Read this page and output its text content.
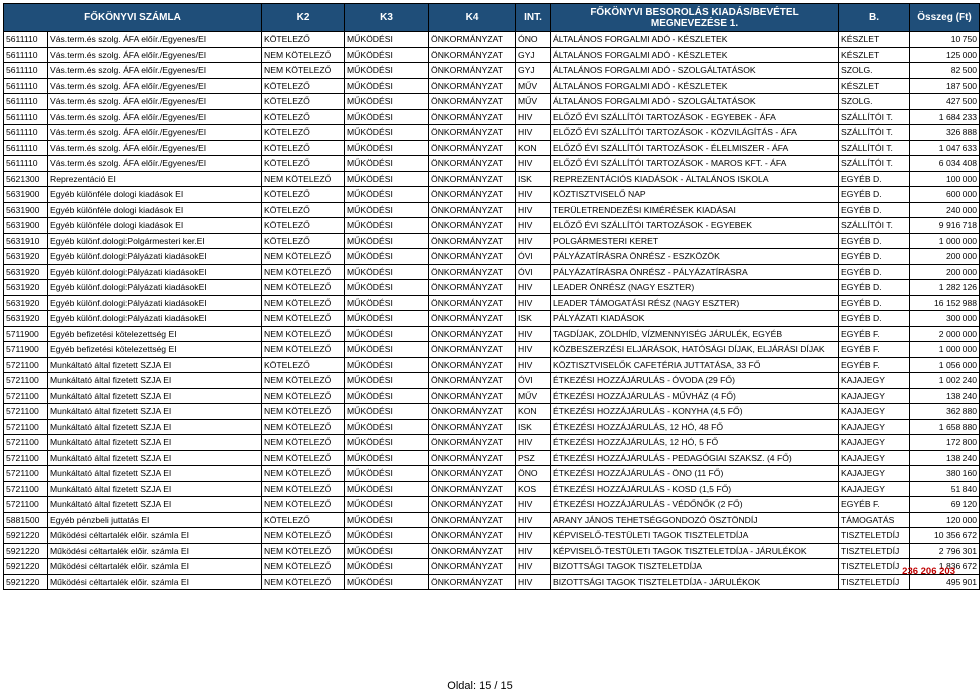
FŐKÖNYVI SZÁMLA		K2	K3	K4	INT.	FŐKÖNYVI BESOROLÁS KIADÁS/BEVÉTEL MEGNEVEZÉSE 1.	B.	Összeg (Ft)
5611110	Vás.term.és szolg. ÁFA előír./Egyenes/EI	KÖTELEZŐ	MŰKÖDÉSI	ÖNKORMÁNYZAT	ÓNO	ÁLTALÁNOS FORGALMI ADÓ - KÉSZLETEK	KÉSZLET	10 750
5611110	Vás.term.és szolg. ÁFA előír./Egyenes/EI	NEM KÖTELEZŐ	MŰKÖDÉSI	ÖNKORMÁNYZAT	GYJ	ÁLTALÁNOS FORGALMI ADÓ - KÉSZLETEK	KÉSZLET	125 000
5611110	Vás.term.és szolg. ÁFA előír./Egyenes/EI	NEM KÖTELEZŐ	MŰKÖDÉSI	ÖNKORMÁNYZAT	GYJ	ÁLTALÁNOS FORGALMI ADÓ - SZOLGÁLTATÁSOK	SZOLG.	82 500
5611110	Vás.term.és szolg. ÁFA előír./Egyenes/EI	KÖTELEZŐ	MŰKÖDÉSI	ÖNKORMÁNYZAT	MŰV	ÁLTALÁNOS FORGALMI ADÓ - KÉSZLETEK	KÉSZLET	187 500
5611110	Vás.term.és szolg. ÁFA előír./Egyenes/EI	KÖTELEZŐ	MŰKÖDÉSI	ÖNKORMÁNYZAT	MŰV	ÁLTALÁNOS FORGALMI ADÓ - SZOLGÁLTATÁSOK	SZOLG.	427 500
5611110	Vás.term.és szolg. ÁFA előír./Egyenes/EI	KÖTELEZŐ	MŰKÖDÉSI	ÖNKORMÁNYZAT	HIV	ELŐZŐ ÉVI SZÁLLÍTÓI TARTOZÁSOK - EGYEBEK - ÁFA	SZÁLLÍTÓI T.	1 684 233
5611110	Vás.term.és szolg. ÁFA előír./Egyenes/EI	KÖTELEZŐ	MŰKÖDÉSI	ÖNKORMÁNYZAT	HIV	ELŐZŐ ÉVI SZÁLLÍTÓI TARTOZÁSOK - KÖZVILÁGÍTÁS - ÁFA	SZÁLLÍTÓI T.	326 888
5611110	Vás.term.és szolg. ÁFA előír./Egyenes/EI	KÖTELEZŐ	MŰKÖDÉSI	ÖNKORMÁNYZAT	KON	ELŐZŐ ÉVI SZÁLLÍTÓI TARTOZÁSOK - ÉLELMISZER - ÁFA	SZÁLLÍTÓI T.	1 047 633
5611110	Vás.term.és szolg. ÁFA előír./Egyenes/EI	KÖTELEZŐ	MŰKÖDÉSI	ÖNKORMÁNYZAT	HIV	ELŐZŐ ÉVI SZÁLLÍTÓI TARTOZÁSOK - MAROS KFT. - ÁFA	SZÁLLÍTÓI T.	6 034 408
5621300	Reprezentáció EI	NEM KÖTELEZŐ	MŰKÖDÉSI	ÖNKORMÁNYZAT	ISK	REPREZENTÁCIÓS KIADÁSOK - ÁLTALÁNOS ISKOLA	EGYÉB D.	100 000
5631900	Egyéb különféle dologi kiadások EI	KÖTELEZŐ	MŰKÖDÉSI	ÖNKORMÁNYZAT	HIV	KÖZTISZTVISELŐ NAP	EGYÉB D.	600 000
5631900	Egyéb különféle dologi kiadások EI	KÖTELEZŐ	MŰKÖDÉSI	ÖNKORMÁNYZAT	HIV	TERÜLETRENDEZÉSI KIMÉRÉSEK KIADÁSAI	EGYÉB D.	240 000
5631900	Egyéb különféle dologi kiadások EI	KÖTELEZŐ	MŰKÖDÉSI	ÖNKORMÁNYZAT	HIV	ELŐZŐ ÉVI SZÁLLÍTÓI TARTOZÁSOK - EGYEBEK	SZÁLLÍTÓI T.	9 916 718
5631910	Egyéb különf.dologi:Polgármesteri ker.EI	KÖTELEZŐ	MŰKÖDÉSI	ÖNKORMÁNYZAT	HIV	POLGÁRMESTERI KERET	EGYÉB D.	1 000 000
5631920	Egyéb különf.dologi:Pályázati kiadásokEI	NEM KÖTELEZŐ	MŰKÖDÉSI	ÖNKORMÁNYZAT	ÓVI	PÁLYÁZATÍRÁSRA ÖNRÉSZ - ESZKÖZÖK	EGYÉB D.	200 000
5631920	Egyéb különf.dologi:Pályázati kiadásokEI	NEM KÖTELEZŐ	MŰKÖDÉSI	ÖNKORMÁNYZAT	ÓVI	PÁLYÁZATÍRÁSRA ÖNRÉSZ - PÁLYÁZATÍRÁSRA	EGYÉB D.	200 000
5631920	Egyéb különf.dologi:Pályázati kiadásokEI	NEM KÖTELEZŐ	MŰKÖDÉSI	ÖNKORMÁNYZAT	HIV	LEADER ÖNRÉSZ (NAGY ESZTER)	EGYÉB D.	1 282 126
5631920	Egyéb különf.dologi:Pályázati kiadásokEI	NEM KÖTELEZŐ	MŰKÖDÉSI	ÖNKORMÁNYZAT	HIV	LEADER TÁMOGATÁSI RÉSZ (NAGY ESZTER)	EGYÉB D.	16 152 988
5631920	Egyéb különf.dologi:Pályázati kiadásokEI	NEM KÖTELEZŐ	MŰKÖDÉSI	ÖNKORMÁNYZAT	ISK	PÁLYÁZATI KIADÁSOK	EGYÉB D.	300 000
5711900	Egyéb befizetési kötelezettség EI	NEM KÖTELEZŐ	MŰKÖDÉSI	ÖNKORMÁNYZAT	HIV	TAGDÍJAK, ZÖLDHÍD, VÍZMENNYISÉG JÁRULÉK, EGYÉB	EGYÉB F.	2 000 000
5711900	Egyéb befizetési kötelezettség EI	NEM KÖTELEZŐ	MŰKÖDÉSI	ÖNKORMÁNYZAT	HIV	KÖZBESZERZÉSI ELJÁRÁSOK, HATÓSÁGI DÍJAK, ELJÁRÁSI DÍJAK	EGYÉB F.	1 000 000
5721100	Munkáltató által fizetett SZJA EI	KÖTELEZŐ	MŰKÖDÉSI	ÖNKORMÁNYZAT	HIV	KÖZTISZTVISELŐK CAFETÉRIA JUTTATÁSA, 33 FŐ	EGYÉB F.	1 056 000
5721100	Munkáltató által fizetett SZJA EI	NEM KÖTELEZŐ	MŰKÖDÉSI	ÖNKORMÁNYZAT	ÓVI	ÉTKEZÉSI HOZZÁJÁRULÁS - ÓVODA (29 FŐ)	KAJAJEGY	1 002 240
5721100	Munkáltató által fizetett SZJA EI	NEM KÖTELEZŐ	MŰKÖDÉSI	ÖNKORMÁNYZAT	MŰV	ÉTKEZÉSI HOZZÁJÁRULÁS - MŰVHÁZ (4 FŐ)	KAJAJEGY	138 240
5721100	Munkáltató által fizetett SZJA EI	NEM KÖTELEZŐ	MŰKÖDÉSI	ÖNKORMÁNYZAT	KON	ÉTKEZÉSI HOZZÁJÁRULÁS - KONYHA (4,5 FŐ)	KAJAJEGY	362 880
5721100	Munkáltató által fizetett SZJA EI	NEM KÖTELEZŐ	MŰKÖDÉSI	ÖNKORMÁNYZAT	ISK	ÉTKEZÉSI HOZZÁJÁRULÁS, 12 HÓ, 48 FŐ	KAJAJEGY	1 658 880
5721100	Munkáltató által fizetett SZJA EI	NEM KÖTELEZŐ	MŰKÖDÉSI	ÖNKORMÁNYZAT	HIV	ÉTKEZÉSI HOZZÁJÁRULÁS, 12 HÓ, 5 FŐ	KAJAJEGY	172 800
5721100	Munkáltató által fizetett SZJA EI	NEM KÖTELEZŐ	MŰKÖDÉSI	ÖNKORMÁNYZAT	PSZ	ÉTKEZÉSI HOZZÁJÁRULÁS - PEDAGÓGIAI SZAKSZ. (4 FŐ)	KAJAJEGY	138 240
5721100	Munkáltató által fizetett SZJA EI	NEM KÖTELEZŐ	MŰKÖDÉSI	ÖNKORMÁNYZAT	ÖNO	ÉTKEZÉSI HOZZÁJÁRULÁS - ÖNO (11 FŐ)	KAJAJEGY	380 160
5721100	Munkáltató által fizetett SZJA EI	NEM KÖTELEZŐ	MŰKÖDÉSI	ÖNKORMÁNYZAT	KOS	ÉTKEZÉSI HOZZÁJÁRULÁS - KOSD (1,5 FŐ)	KAJAJEGY	51 840
5721100	Munkáltató által fizetett SZJA EI	NEM KÖTELEZŐ	MŰKÖDÉSI	ÖNKORMÁNYZAT	HIV	ÉTKEZÉSI HOZZÁJÁRULÁS - VÉDŐNŐK (2 FŐ)	EGYÉB F.	69 120
5881500	Egyéb pénzbeli juttatás EI	KÖTELEZŐ	MŰKÖDÉSI	ÖNKORMÁNYZAT	HIV	ARANY JÁNOS TEHETSÉGGONDOZÓ ÖSZTÖNDÍJ	TÁMOGATÁS	120 000
5921220	Működési céltartalék előir. számla EI	NEM KÖTELEZŐ	MŰKÖDÉSI	ÖNKORMÁNYZAT	HIV	KÉPVISELŐ-TESTÜLETI TAGOK TISZTELETDÍJA	TISZTELETDÍJ	10 356 672
5921220	Működési céltartalék előir. számla EI	NEM KÖTELEZŐ	MŰKÖDÉSI	ÖNKORMÁNYZAT	HIV	KÉPVISELŐ-TESTÜLETI TAGOK TISZTELETDÍJA - JÁRULÉKOK	TISZTELETDÍJ	2 796 301
5921220	Működési céltartalék előir. számla EI	NEM KÖTELEZŐ	MŰKÖDÉSI	ÖNKORMÁNYZAT	HIV	BIZOTTSÁGI TAGOK TISZTELETDÍJA	TISZTELETDÍJ	1 836 672
5921220	Működési céltartalék előir. számla EI	NEM KÖTELEZŐ	MŰKÖDÉSI	ÖNKORMÁNYZAT	HIV	BIZOTTSÁGI TAGOK TISZTELETDÍJA - JÁRULÉKOK	TISZTELETDÍJ	495 901
236 206 203
Oldal: 15 / 15
